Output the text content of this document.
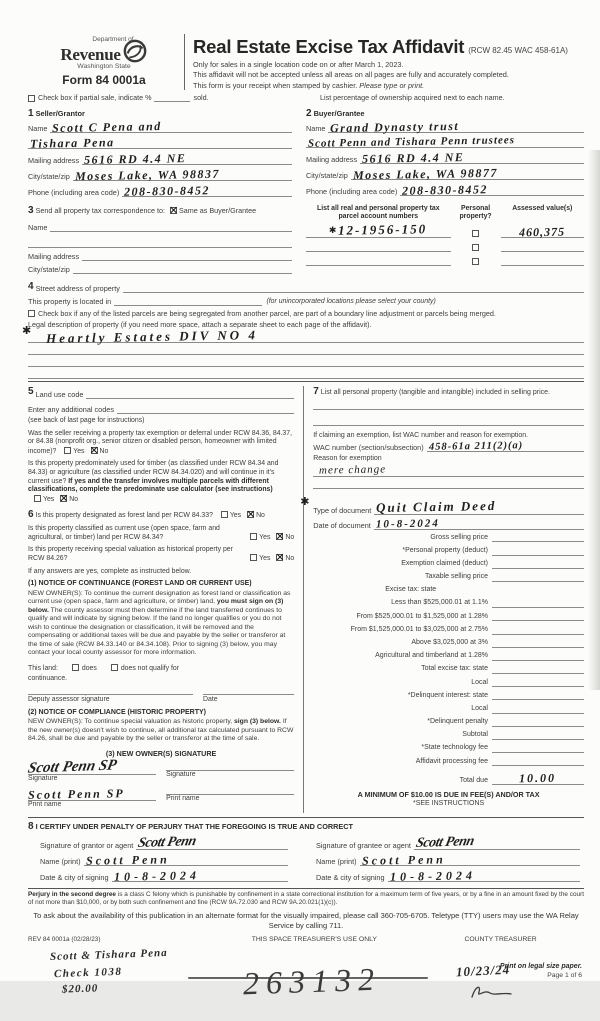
Department of
Revenue
Washington State
Form 84 0001a
Real Estate Excise Tax Affidavit (RCW 82.45 WAC 458-61A)
Only for sales in a single location code on or after March 1, 2023.
This affidavit will not be accepted unless all areas on all pages are fully and accurately completed.
This form is your receipt when stamped by cashier. Please type or print.
Check box if partial sale, indicate %	sold.	List percentage of ownership acquired next to each name.
1 Seller/Grantor
Name Scott C Pena and
Tishara Pena
Mailing address 5616 RD 4.4 NE
City/state/zip Moses Lake, WA 98837
Phone (including area code) 208-830-8452
2 Buyer/Grantee
Name Grand Dynasty trust
Scott Penn and Tishara Penn trustees
Mailing address 5616 RD 4.4 NE
City/state/zip Moses Lake, WA 98877
Phone (including area code) 208-830-8452
3 Send all property tax correspondence to: ✕ Same as Buyer/Grantee
Name
Mailing address
City/state/zip
List all real and personal property tax parcel account numbers
Personal property?
Assessed value(s)
✱ 12-1956-150	460,375
4 Street address of property
This property is located in	(for unincorporated locations please select your county)
Check box if any of the listed parcels are being segregated from another parcel, are part of a boundary line adjustment or parcels being merged.
Legal description of property (if you need more space, attach a separate sheet to each page of the affidavit).
✱ Heartly Estates DIV NO 4
5 Land use code
Enter any additional codes
(see back of last page for instructions)
Was the seller receiving a property tax exemption or deferral under RCW 84.36, 84.37, or 84.38 (nonprofit org., senior citizen or disabled person, homeowner with limited income)? Yes ✕ No
Is this property predominately used for timber (as classified under RCW 84.34 and 84.33) or agriculture (as classified under RCW 84.34.020) and will continue in it's current use? If yes and the transfer involves multiple parcels with different classifications, complete the predominate use calculator (see instructions) Yes ✕ No
6 Is this property designated as forest land per RCW 84.33? Yes ✕ No
Is this property classified as current use (open space, farm and agricultural, or timber) land per RCW 84.34?	Yes ✕ No
Is this property receiving special valuation as historical property per RCW 84.26?	Yes ✕ No
If any answers are yes, complete as instructed below.
(1) NOTICE OF CONTINUANCE (FOREST LAND OR CURRENT USE)
NEW OWNER(S): To continue the current designation as forest land or classification as current use (open space, farm and agriculture, or timber) land, you must sign on (3) below. The county assessor must then determine if the land transferred continues to qualify and will indicate by signing below. If the land no longer qualifies or you do not wish to continue the designation or classification, it will be removed and the compensating or additional taxes will be due and payable by the seller or transferor at the time of sale (RCW 84.33.140 or 84.34.108). Prior to signing (3) below, you may contact your local county assessor for more information.
This land:	does	does not qualify for
continuance.
Deputy assessor signature	Date
(2) NOTICE OF COMPLIANCE (HISTORIC PROPERTY)
NEW OWNER(S): To continue special valuation as historic property, sign (3) below. If the new owner(s) doesn't wish to continue, all additional tax calculated pursuant to RCW 84.26, shall be due and payable by the seller or transferor at the time of sale.
(3) NEW OWNER(S) SIGNATURE
Scott Penn SP
Signature
Scott Penn SP
Print name
Signature
Print name
7 List all personal property (tangible and intangible) included in selling price.
If claiming an exemption, list WAC number and reason for exemption.
WAC number (section/subsection) 458-61a 211(2)(a)
Reason for exemption
mere change
✱
Type of document Quit Claim Deed
Date of document 10-8-2024
Gross selling price
*Personal property (deduct)
Exemption claimed (deduct)
Taxable selling price
Excise tax: state
Less than $525,000.01 at 1.1%
From $525,000.01 to $1,525,000 at 1.28%
From $1,525,000.01 to $3,025,000 at 2.75%
Above $3,025,000 at 3%
Agricultural and timberland at 1.28%
Total excise tax: state
Local
*Delinquent interest: state
Local
*Delinquent penalty
Subtotal
*State technology fee
Affidavit processing fee
Total due	10.00
A MINIMUM OF $10.00 IS DUE IN FEE(S) AND/OR TAX
*SEE INSTRUCTIONS
8 I CERTIFY UNDER PENALTY OF PERJURY THAT THE FOREGOING IS TRUE AND CORRECT
Signature of grantor or agent Scott Penn
Name (print) Scott Penn
Date & city of signing 10-8-2024
Signature of grantee or agent Scott Penn
Name (print) Scott Penn
Date & city of signing 10-8-2024
Perjury in the second degree is a class C felony which is punishable by confinement in a state correctional institution for a maximum term of five years, or by a fine in an amount fixed by the court of not more than $10,000, or by both such confinement and fine (RCW 9A.72.030 and RCW 9A.20.021(1)(c)).
To ask about the availability of this publication in an alternate format for the visually impaired, please call 360-705-6705. Teletype (TTY) users may use the WA Relay Service by calling 711.
REV 84 0001a (02/28/23)	THIS SPACE TREASURER'S USE ONLY	COUNTY TREASURER
Scott & Tishara Pena
Check 1038
$20.00	263132	10/23/24
Print on legal size paper.
Page 1 of 6
